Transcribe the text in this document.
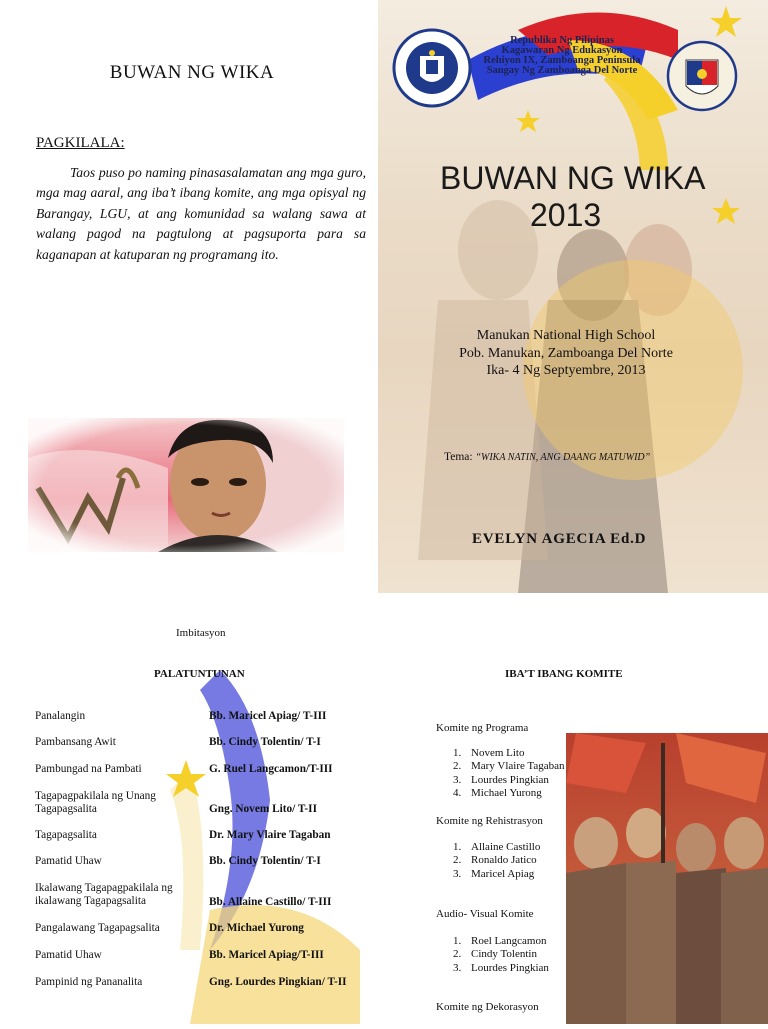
BUWAN NG WIKA
PAGKILALA:
Taos puso po naming pinasasalamatan ang mga guro, mga mag aaral, ang iba’t ibang komite, ang mga opisyal ng Barangay, LGU, at ang komunidad sa walang sawa at walang pagod na pagtulong at pagsuporta para sa kaganapan at katuparan ng programang ito.
Republika Ng Pilipinas
Kagawaran Ng Edukasyon
Rehiyon IX, Zamboanga Peninsula
Sangay Ng Zamboanga Del Norte
BUWAN NG WIKA
2013
Manukan National High School
Pob. Manukan, Zamboanga Del Norte
Ika- 4 Ng Septyembre, 2013
Tema: “WIKA NATIN, ANG DAANG MATUWID”
EVELYN AGECIA Ed.D
Imbitasyon
PALATUNTUNAN
Panalangin	Bb. Maricel Apiag/ T-III
Pambansang Awit	Bb. Cindy Tolentin/ T-I
Pambungad na Pambati	G. Ruel Langcamon/T-III
Tagapagpakilala ng Unang Tagapagsalita	Gng. Novem Lito/ T-II
Tagapagsalita	Dr. Mary Vlaire Tagaban
Pamatid Uhaw	Bb. Cindy Tolentin/ T-I
Ikalawang Tagapagpakilala ng ikalawang Tagapagsalita	Bb. Allaine Castillo/ T-III
Pangalawang Tagapagsalita	Dr. Michael Yurong
Pamatid Uhaw	Bb. Maricel Apiag/T-III
Pampinid ng Pananalita	Gng. Lourdes Pingkian/ T-II
IBA’T IBANG KOMITE
Komite ng Programa
1. Novem Lito
2. Mary Vlaire Tagaban
3. Lourdes Pingkian
4. Michael Yurong
Komite ng Rehistrasyon
1. Allaine Castillo
2. Ronaldo Jatico
3. Maricel Apiag
Audio- Visual Komite
1. Roel Langcamon
2. Cindy Tolentin
3. Lourdes Pingkian
Komite ng Dekorasyon
